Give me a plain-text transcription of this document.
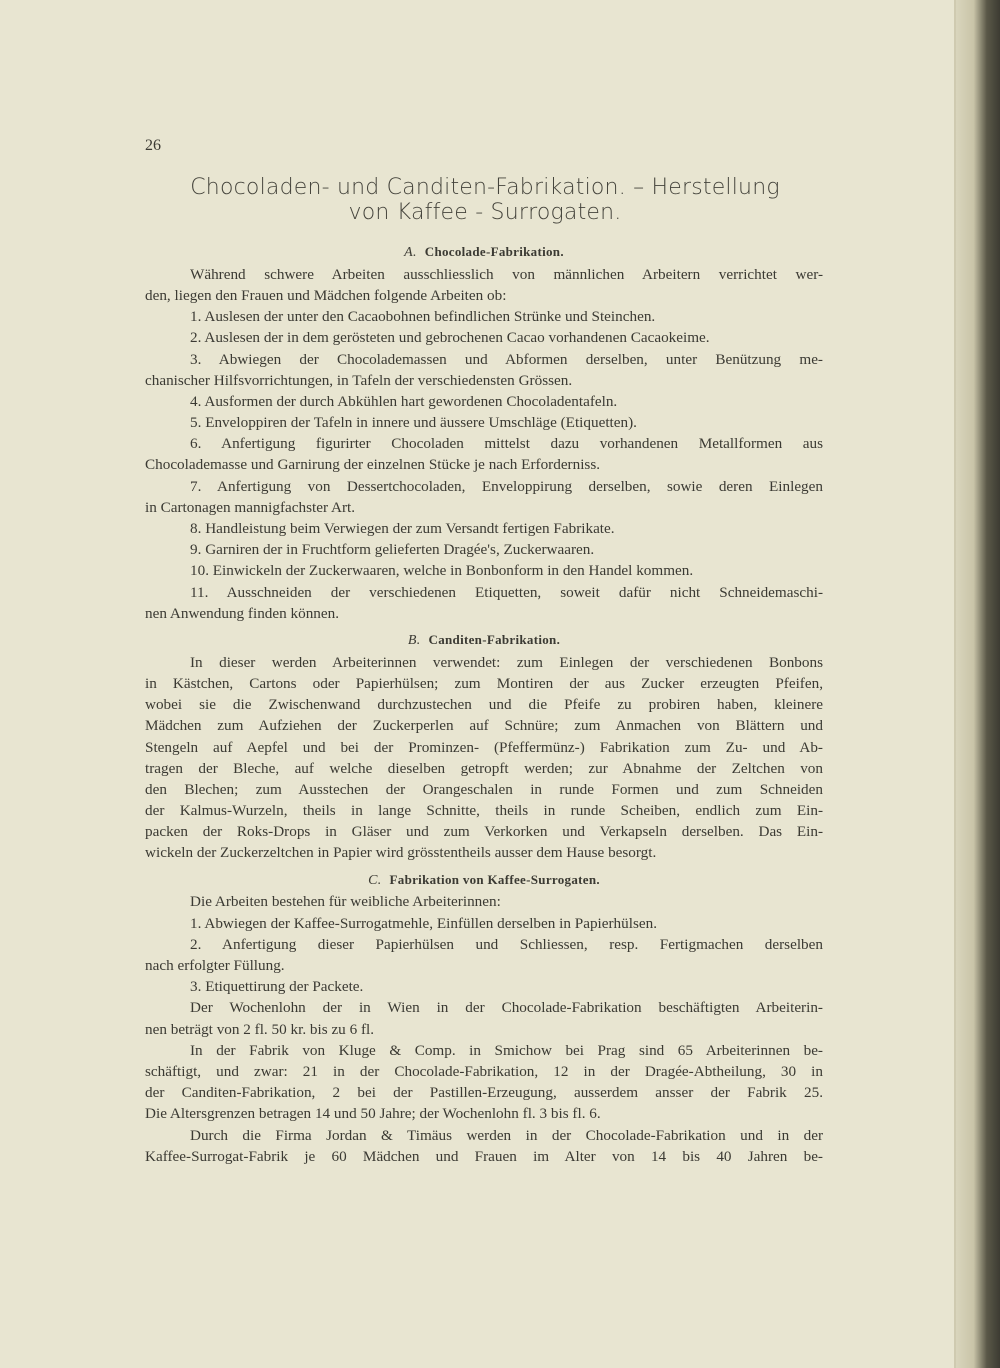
26
Chocoladen- und Canditen-Fabrikation. – Herstellung
von Kaffee - Surrogaten.
A. Chocolade-Fabrikation.
Während schwere Arbeiten ausschliesslich von männlichen Arbeitern verrichtet wer-
den, liegen den Frauen und Mädchen folgende Arbeiten ob:
1. Auslesen der unter den Cacaobohnen befindlichen Strünke und Steinchen.
2. Auslesen der in dem gerösteten und gebrochenen Cacao vorhandenen Cacaokeime.
3. Abwiegen der Chocolademassen und Abformen derselben, unter Benützung me-
chanischer Hilfsvorrichtungen, in Tafeln der verschiedensten Grössen.
4. Ausformen der durch Abkühlen hart gewordenen Chocoladentafeln.
5. Enveloppiren der Tafeln in innere und äussere Umschläge (Etiquetten).
6. Anfertigung figurirter Chocoladen mittelst dazu vorhandenen Metallformen aus
Chocolademasse und Garnirung der einzelnen Stücke je nach Erforderniss.
7. Anfertigung von Dessertchocoladen, Enveloppirung derselben, sowie deren Einlegen
in Cartonagen mannigfachster Art.
8. Handleistung beim Verwiegen der zum Versandt fertigen Fabrikate.
9. Garniren der in Fruchtform gelieferten Dragée's, Zuckerwaaren.
10. Einwickeln der Zuckerwaaren, welche in Bonbonform in den Handel kommen.
11. Ausschneiden der verschiedenen Etiquetten, soweit dafür nicht Schneidemaschi-
nen Anwendung finden können.
B. Canditen-Fabrikation.
In dieser werden Arbeiterinnen verwendet: zum Einlegen der verschiedenen Bonbons
in Kästchen, Cartons oder Papierhülsen; zum Montiren der aus Zucker erzeugten Pfeifen,
wobei sie die Zwischenwand durchzustechen und die Pfeife zu probiren haben, kleinere
Mädchen zum Aufziehen der Zuckerperlen auf Schnüre; zum Anmachen von Blättern und
Stengeln auf Aepfel und bei der Prominzen- (Pfeffermünz-) Fabrikation zum Zu- und Ab-
tragen der Bleche, auf welche dieselben getropft werden; zur Abnahme der Zeltchen von
den Blechen; zum Ausstechen der Orangeschalen in runde Formen und zum Schneiden
der Kalmus-Wurzeln, theils in lange Schnitte, theils in runde Scheiben, endlich zum Ein-
packen der Roks-Drops in Gläser und zum Verkorken und Verkapseln derselben. Das Ein-
wickeln der Zuckerzeltchen in Papier wird grösstentheils ausser dem Hause besorgt.
C. Fabrikation von Kaffee-Surrogaten.
Die Arbeiten bestehen für weibliche Arbeiterinnen:
1. Abwiegen der Kaffee-Surrogatmehle, Einfüllen derselben in Papierhülsen.
2. Anfertigung dieser Papierhülsen und Schliessen, resp. Fertigmachen derselben
nach erfolgter Füllung.
3. Etiquettirung der Packete.
Der Wochenlohn der in Wien in der Chocolade-Fabrikation beschäftigten Arbeiterin-
nen beträgt von 2 fl. 50 kr. bis zu 6 fl.
In der Fabrik von Kluge & Comp. in Smichow bei Prag sind 65 Arbeiterinnen be-
schäftigt, und zwar: 21 in der Chocolade-Fabrikation, 12 in der Dragée-Abtheilung, 30 in
der Canditen-Fabrikation, 2 bei der Pastillen-Erzeugung, ausserdem ansser der Fabrik 25.
Die Altersgrenzen betragen 14 und 50 Jahre; der Wochenlohn fl. 3 bis fl. 6.
Durch die Firma Jordan & Timäus werden in der Chocolade-Fabrikation und in der
Kaffee-Surrogat-Fabrik je 60 Mädchen und Frauen im Alter von 14 bis 40 Jahren be-
